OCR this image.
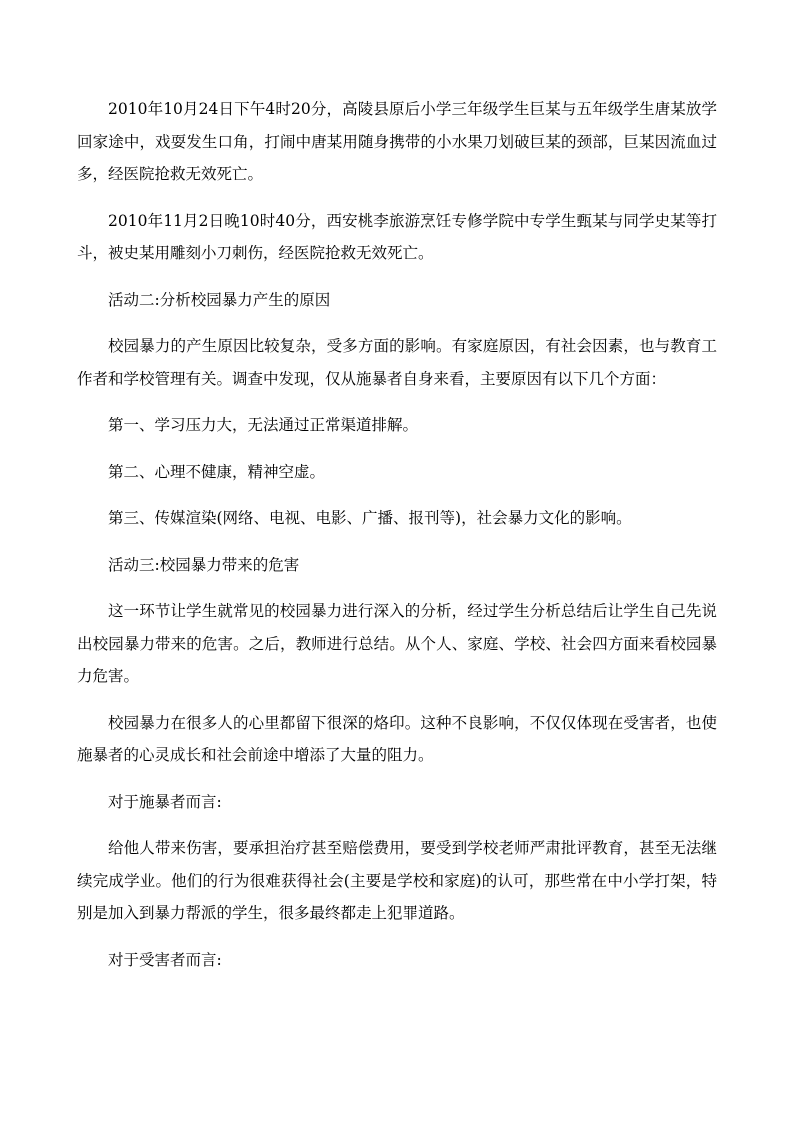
2010年10月24日下午4时20分，高陵县原后小学三年级学生巨某与五年级学生唐某放学回家途中，戏耍发生口角，打闹中唐某用随身携带的小水果刀划破巨某的颈部，巨某因流血过多，经医院抢救无效死亡。

2010年11月2日晚10时40分，西安桃李旅游烹饪专修学院中专学生甄某与同学史某等打斗，被史某用雕刻小刀刺伤，经医院抢救无效死亡。

活动二:分析校园暴力产生的原因

校园暴力的产生原因比较复杂，受多方面的影响。有家庭原因，有社会因素，也与教育工作者和学校管理有关。调查中发现，仅从施暴者自身来看，主要原因有以下几个方面：

第一、学习压力大，无法通过正常渠道排解。

第二、心理不健康，精神空虚。

第三、传媒渲染(网络、电视、电影、广播、报刊等)，社会暴力文化的影响。

活动三:校园暴力带来的危害

这一环节让学生就常见的校园暴力进行深入的分析，经过学生分析总结后让学生自己先说出校园暴力带来的危害。之后，教师进行总结。从个人、家庭、学校、社会四方面来看校园暴力危害。

校园暴力在很多人的心里都留下很深的烙印。这种不良影响，不仅仅体现在受害者，也使施暴者的心灵成长和社会前途中增添了大量的阻力。

对于施暴者而言:

给他人带来伤害，要承担治疗甚至赔偿费用，要受到学校老师严肃批评教育，甚至无法继续完成学业。他们的行为很难获得社会(主要是学校和家庭)的认可，那些常在中小学打架，特别是加入到暴力帮派的学生，很多最终都走上犯罪道路。

对于受害者而言:
